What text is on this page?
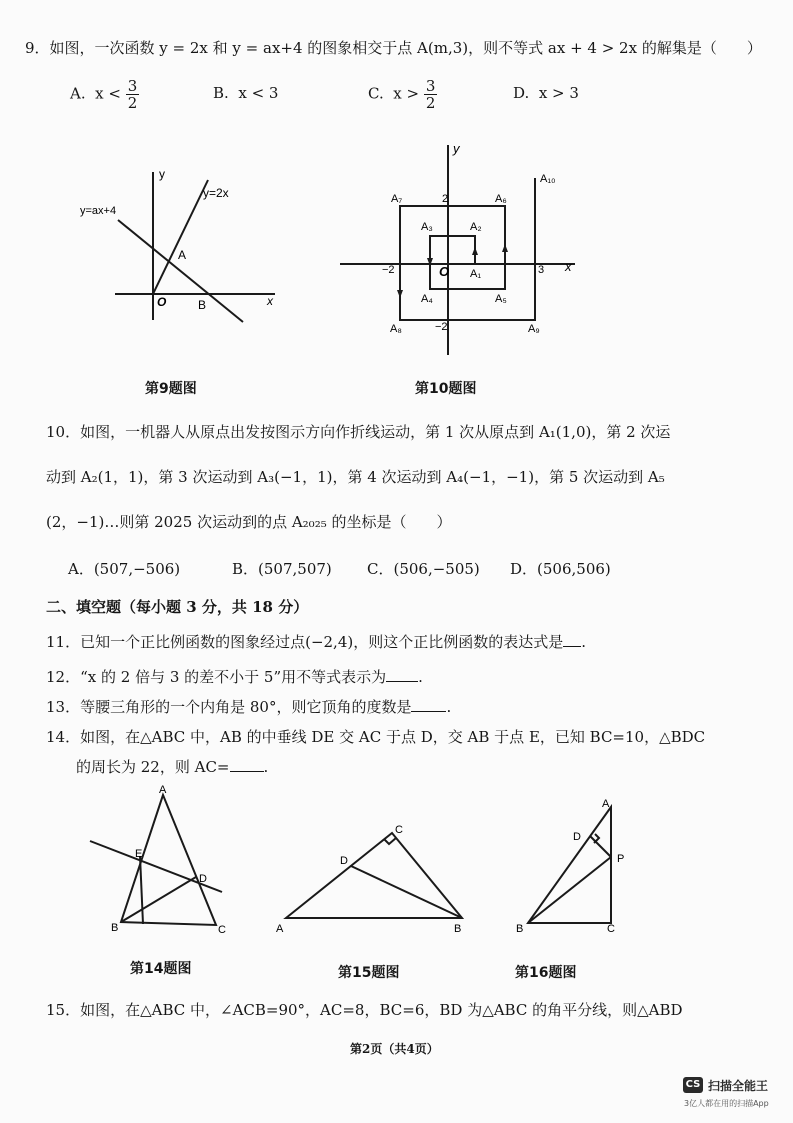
9．如图，一次函数 y = 2x 和 y = ax+4 的图象相交于点 A(m,3)，则不等式 ax + 4 > 2x 的解集是（　　）
A. $x < \frac{3}{2}$	B. x < 3	C. $x > \frac{3}{2}$	D. x > 3
y
x
O
A
B
y=2x
y=ax+4
第9题图
y
x
O
2
−2	3
−2
A₁
A₂
A₃
A₄	A₅
A₆
A₇
A₈	A₉
A₁₀
第10题图
10．如图，一机器人从原点出发按图示方向作折线运动，第 1 次从原点到 A₁(1,0)，第 2 次运
动到 A₂(1，1)，第 3 次运动到 A₃(−1，1)，第 4 次运动到 A₄(−1，−1)，第 5 次运动到 A₅
(2，−1)…则第 2025 次运动到的点 A₂₀₂₅ 的坐标是（　　）
A．(507,−506)	B．(507,507) C．(506,−505) D．(506,506)
二、填空题（每小题 3 分，共 18 分）
11．已知一个正比例函数的图象经过点(−2,4)，则这个正比例函数的表达式是 .
12．“x 的 2 倍与 3 的差不小于 5”用不等式表示为 .
13．等腰三角形的一个内角是 80°，则它顶角的度数是 .
14．如图，在△ABC 中，AB 的中垂线 DE 交 AC 于点 D，交 AB 于点 E，已知 BC=10，△BDC
的周长为 22，则 AC= .
A
B	C
D
E
第14题图
A	B
C
D
第15题图
A
B	C
D
P
第16题图
15．如图，在△ABC 中，∠ACB=90°，AC=8，BC=6，BD 为△ABC 的角平分线，则△ABD
第2页（共4页）
CS 扫描全能王
3亿人都在用的扫描App
